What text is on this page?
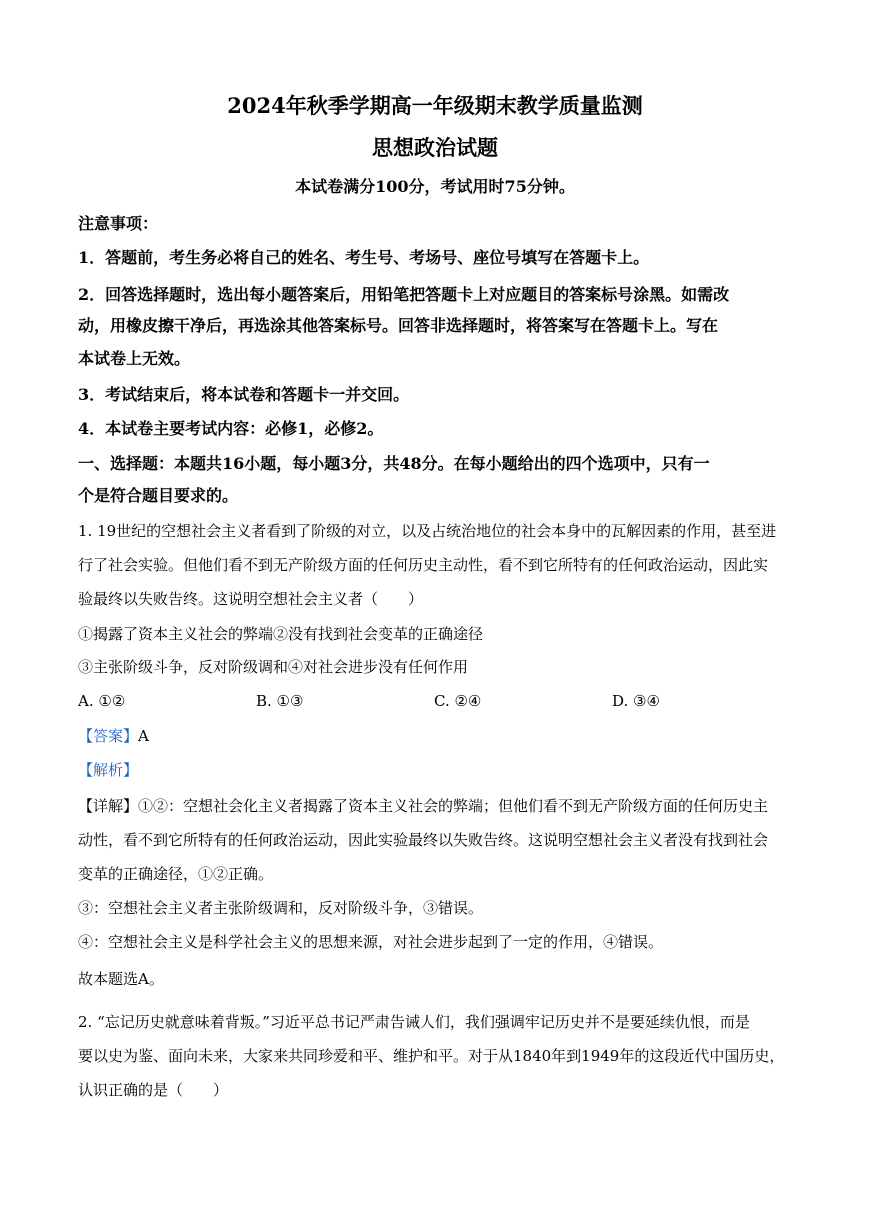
2024年秋季学期高一年级期末教学质量监测
思想政治试题
本试卷满分100分，考试用时75分钟。
注意事项：
1．答题前，考生务必将自己的姓名、考生号、考场号、座位号填写在答题卡上。
2．回答选择题时，选出每小题答案后，用铅笔把答题卡上对应题目的答案标号涂黑。如需改
动，用橡皮擦干净后，再选涂其他答案标号。回答非选择题时，将答案写在答题卡上。写在
本试卷上无效。
3．考试结束后，将本试卷和答题卡一并交回。
4．本试卷主要考试内容：必修1，必修2。
一、选择题：本题共16小题，每小题3分，共48分。在每小题给出的四个选项中，只有一
个是符合题目要求的。
1. 19世纪的空想社会主义者看到了阶级的对立，以及占统治地位的社会本身中的瓦解因素的作用，甚至进
行了社会实验。但他们看不到无产阶级方面的任何历史主动性，看不到它所特有的任何政治运动，因此实
验最终以失败告终。这说明空想社会主义者（　　）
①揭露了资本主义社会的弊端②没有找到社会变革的正确途径
③主张阶级斗争，反对阶级调和④对社会进步没有任何作用
A. ①②	B. ①③	C. ②④	D. ③④
【答案】A
【解析】
【详解】①②：空想社会化主义者揭露了资本主义社会的弊端；但他们看不到无产阶级方面的任何历史主
动性，看不到它所特有的任何政治运动，因此实验最终以失败告终。这说明空想社会主义者没有找到社会
变革的正确途径，①②正确。
③：空想社会主义者主张阶级调和，反对阶级斗争，③错误。
④：空想社会主义是科学社会主义的思想来源，对社会进步起到了一定的作用，④错误。
故本题选A。
2. “忘记历史就意味着背叛。”习近平总书记严肃告诫人们，我们强调牢记历史并不是要延续仇恨，而是
要以史为鉴、面向未来，大家来共同珍爱和平、维护和平。对于从1840年到1949年的这段近代中国历史，
认识正确的是（　　）
